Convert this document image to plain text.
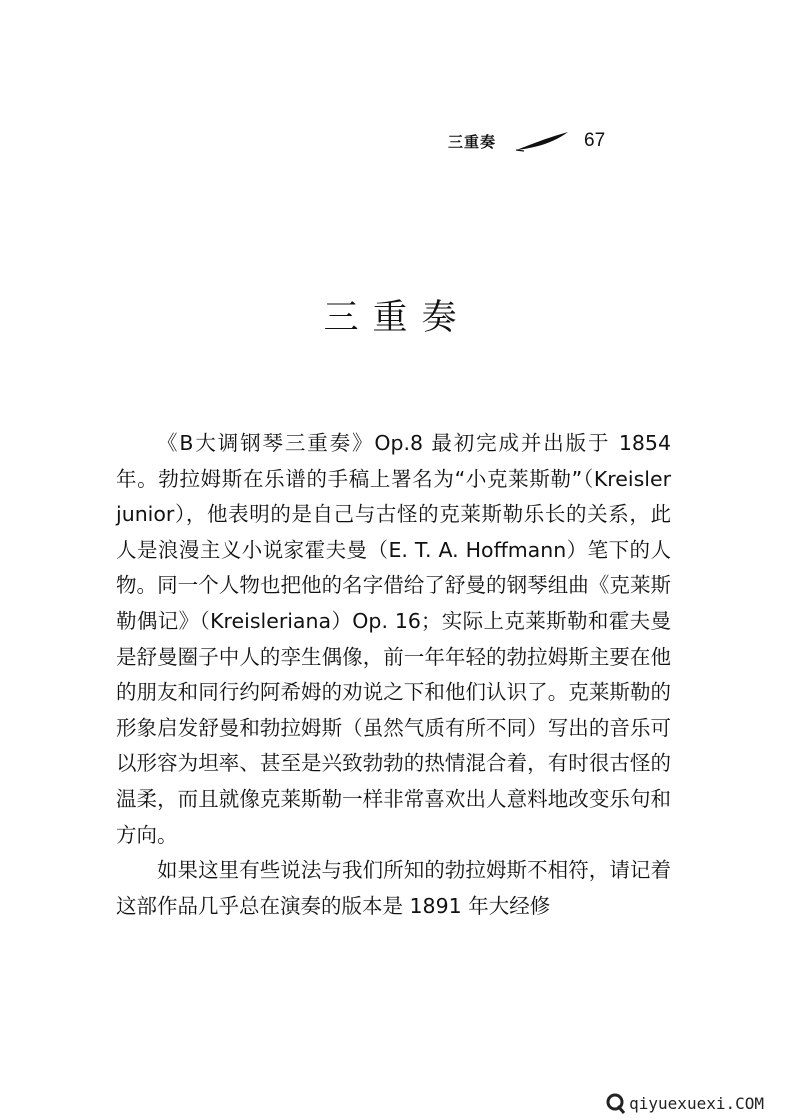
三重奏	67
三重奏

《B大调钢琴三重奏》Op.8 最初完成并出版于 1854 年。勃拉姆斯在乐谱的手稿上署名为“小克莱斯勒”（Kreisler junior），他表明的是自己与古怪的克莱斯勒乐长的关系，此人是浪漫主义小说家霍夫曼（E. T. A. Hoffmann）笔下的人物。同一个人物也把他的名字借给了舒曼的钢琴组曲《克莱斯勒偶记》（Kreisleriana）Op. 16；实际上克莱斯勒和霍夫曼是舒曼圈子中人的孪生偶像，前一年年轻的勃拉姆斯主要在他的朋友和同行约阿希姆的劝说之下和他们认识了。克莱斯勒的形象启发舒曼和勃拉姆斯（虽然气质有所不同）写出的音乐可以形容为坦率、甚至是兴致勃勃的热情混合着，有时很古怪的温柔，而且就像克莱斯勒一样非常喜欢出人意料地改变乐句和方向。

如果这里有些说法与我们所知的勃拉姆斯不相符，请记着这部作品几乎总在演奏的版本是 1891 年大经修

qiyuexuexi.COM
